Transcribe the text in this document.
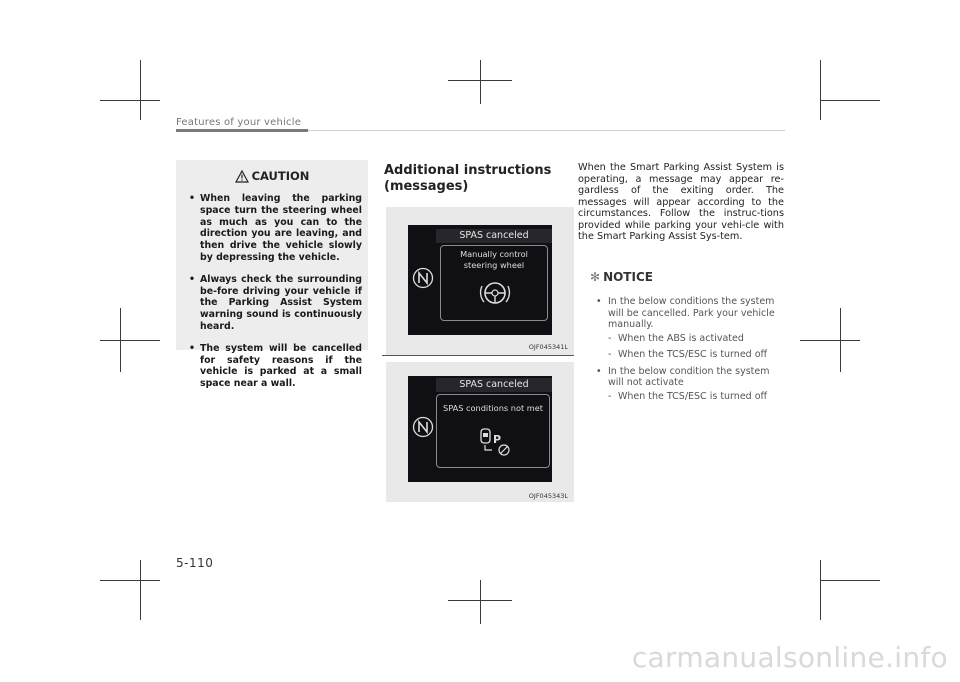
Features of your vehicle
CAUTION
• When leaving the parking space turn the steering wheel as much as you can to the direction you are leaving, and then drive the vehicle slowly by depressing the vehicle.
• Always check the surrounding be-fore driving your vehicle if the Parking Assist System warning sound is continuously heard.
• The system will be cancelled for safety reasons if the vehicle is parked at a small space near a wall.
Additional instructions (messages)
SPAS canceled
Manually control steering wheel
OJF045341L
SPAS canceled
SPAS conditions not met
P
OJF045343L

When the Smart Parking Assist System is operating, a message may appear re-gardless of the exiting order. The messages will appear according to the circumstances. Follow the instruc-tions provided while parking your vehi-cle with the Smart Parking Assist Sys-tem.

✻ NOTICE
• In the below conditions the system will be cancelled. Park your vehicle manually.
- When the ABS is activated
- When the TCS/ESC is turned off
• In the below condition the system will not activate
- When the TCS/ESC is turned off
5-110
carmanualsonline.info
